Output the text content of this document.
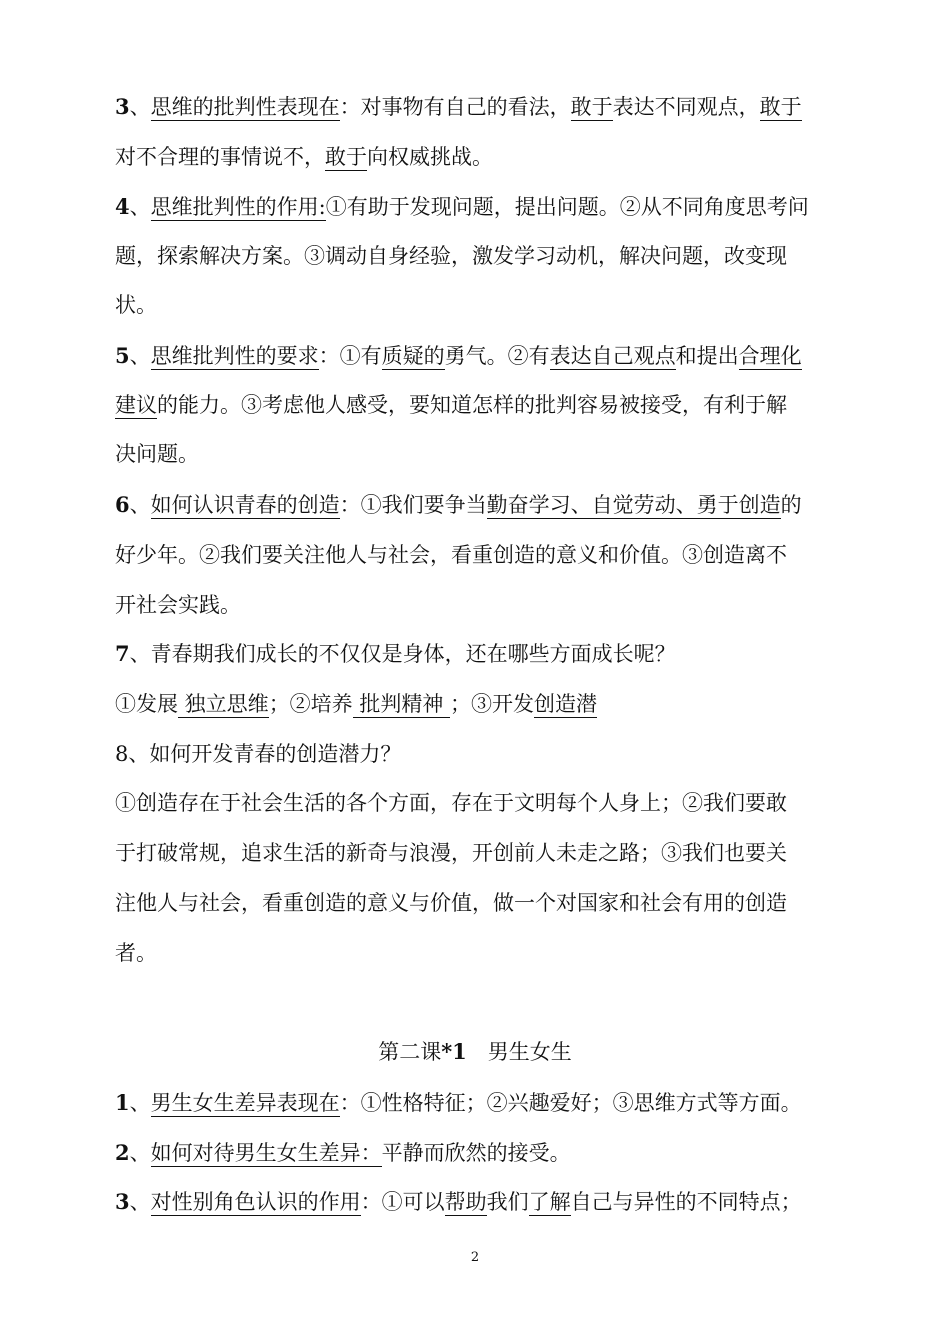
3、思维的批判性表现在：对事物有自己的看法，敢于表达不同观点，敢于
对不合理的事情说不，敢于向权威挑战。
4、思维批判性的作用:①有助于发现问题，提出问题。②从不同角度思考问
题，探索解决方案。③调动自身经验，激发学习动机，解决问题，改变现
状。
5、思维批判性的要求：①有质疑的勇气。②有表达自己观点和提出合理化
建议的能力。③考虑他人感受，要知道怎样的批判容易被接受，有利于解
决问题。
6、如何认识青春的创造：①我们要争当勤奋学习、自觉劳动、勇于创造的
好少年。②我们要关注他人与社会，看重创造的意义和价值。③创造离不
开社会实践。
7、青春期我们成长的不仅仅是身体，还在哪些方面成长呢？
①发展 独立思维；②培养 批判精神 ；③开发创造潜
8、如何开发青春的创造潜力？
①创造存在于社会生活的各个方面，存在于文明每个人身上；②我们要敢
于打破常规，追求生活的新奇与浪漫，开创前人未走之路；③我们也要关
注他人与社会，看重创造的意义与价值，做一个对国家和社会有用的创造
者。
第二课*1　男生女生
1、男生女生差异表现在：①性格特征；②兴趣爱好；③思维方式等方面。
2、如何对待男生女生差异：平静而欣然的接受。
3、对性别角色认识的作用：①可以帮助我们了解自己与异性的不同特点；
2
